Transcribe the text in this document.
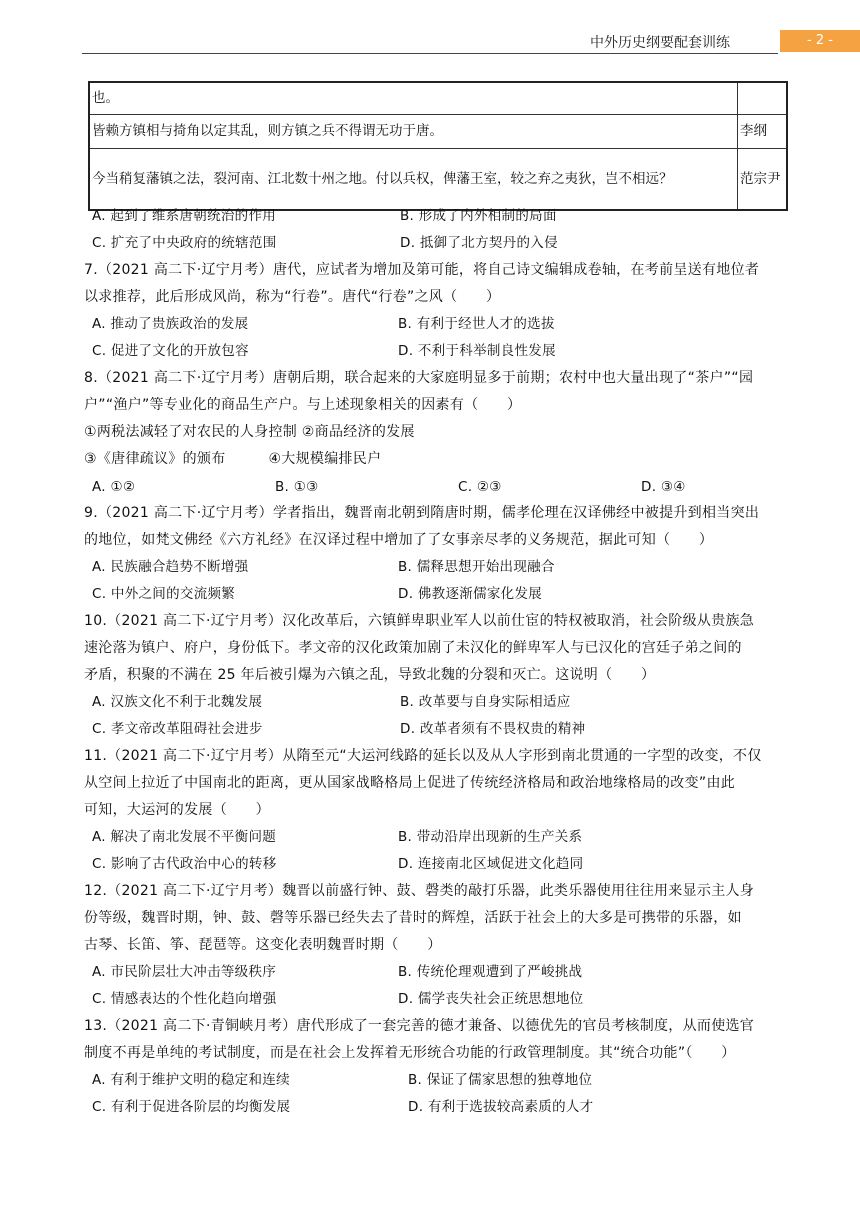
中外历史纲要配套训练	- 2 -
也。	
皆赖方镇相与掎角以定其乱，则方镇之兵不得谓无功于唐。	李纲
今当稍复藩镇之法，裂河南、江北数十州之地。付以兵权，俾藩王室，较之弃之夷狄，岂不相远？	范宗尹
A. 起到了维系唐朝统治的作用	B. 形成了内外相制的局面
C. 扩充了中央政府的统辖范围	D. 抵御了北方契丹的入侵
7.（2021 高二下·辽宁月考）唐代，应试者为增加及第可能，将自己诗文编辑成卷轴，在考前呈送有地位者
以求推荐，此后形成风尚，称为“行卷”。唐代“行卷”之风（　　）
A. 推动了贵族政治的发展	B. 有利于经世人才的选拔
C. 促进了文化的开放包容	D. 不利于科举制良性发展
8.（2021 高二下·辽宁月考）唐朝后期，联合起来的大家庭明显多于前期；农村中也大量出现了“茶户”“园
户”“渔户”等专业化的商品生产户。与上述现象相关的因素有（　　）
①两税法减轻了对农民的人身控制 ②商品经济的发展
③《唐律疏议》的颁布　　　④大规模编排民户
A. ①②	B. ①③	C. ②③	D. ③④
9.（2021 高二下·辽宁月考）学者指出，魏晋南北朝到隋唐时期，儒孝伦理在汉译佛经中被提升到相当突出
的地位，如梵文佛经《六方礼经》在汉译过程中增加了了女事亲尽孝的义务规范，据此可知（　　）
A. 民族融合趋势不断增强	B. 儒释思想开始出现融合
C. 中外之间的交流频繁	D. 佛教逐渐儒家化发展
10.（2021 高二下·辽宁月考）汉化改革后，六镇鲜卑职业军人以前仕宦的特权被取消，社会阶级从贵族急
速沦落为镇户、府户，身份低下。孝文帝的汉化政策加剧了未汉化的鲜卑军人与已汉化的宫廷子弟之间的
矛盾，积聚的不满在 25 年后被引爆为六镇之乱，导致北魏的分裂和灭亡。这说明（　　）
A. 汉族文化不利于北魏发展	B. 改革要与自身实际相适应
C. 孝文帝改革阻碍社会进步	D. 改革者须有不畏权贵的精神
11.（2021 高二下·辽宁月考）从隋至元“大运河线路的延长以及从人字形到南北贯通的一字型的改变，不仅
从空间上拉近了中国南北的距离，更从国家战略格局上促进了传统经济格局和政治地缘格局的改变”由此
可知，大运河的发展（　　）
A. 解决了南北发展不平衡问题	B. 带动沿岸出现新的生产关系
C. 影响了古代政治中心的转移	D. 连接南北区域促进文化趋同
12.（2021 高二下·辽宁月考）魏晋以前盛行钟、鼓、磬类的敲打乐器，此类乐器使用往往用来显示主人身
份等级，魏晋时期，钟、鼓、磬等乐器已经失去了昔时的辉煌，活跃于社会上的大多是可携带的乐器，如
古琴、长笛、筝、琵琶等。这变化表明魏晋时期（　　）
A. 市民阶层壮大冲击等级秩序	B. 传统伦理观遭到了严峻挑战
C. 情感表达的个性化趋向增强	D. 儒学丧失社会正统思想地位
13.（2021 高二下·青铜峡月考）唐代形成了一套完善的德才兼备、以德优先的官员考核制度，从而使选官
制度不再是单纯的考试制度，而是在社会上发挥着无形统合功能的行政管理制度。其“统合功能”（　　）
A. 有利于维护文明的稳定和连续	B. 保证了儒家思想的独尊地位
C. 有利于促进各阶层的均衡发展	D. 有利于选拔较高素质的人才
